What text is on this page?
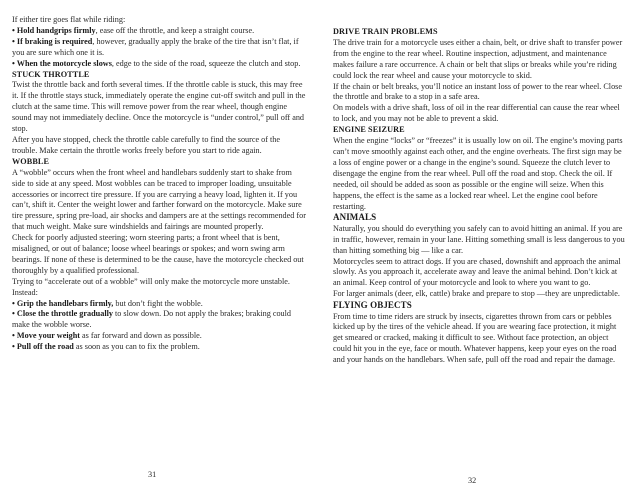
If either tire goes flat while riding:

• Hold handgrips firmly, ease off the throttle, and keep a straight course.

• If braking is required, however, gradually apply the brake of the tire that isn’t flat, if you are sure which one it is.

• When the motorcycle slows, edge to the side of the road, squeeze the clutch and stop.

STUCK THROTTLE

Twist the throttle back and forth several times. If the throttle cable is stuck, this may free it. If the throttle stays stuck, immediately operate the engine cut-off switch and pull in the clutch at the same time. This will remove power from the rear wheel, though engine sound may not immediately decline. Once the motorcycle is “under control,” pull off and stop.

After you have stopped, check the throttle cable carefully to find the source of the trouble. Make certain the throttle works freely before you start to ride again.

WOBBLE

A “wobble” occurs when the front wheel and handlebars suddenly start to shake from side to side at any speed. Most wobbles can be traced to improper loading, unsuitable accessories or incorrect tire pressure. If you are carrying a heavy load, lighten it. If you can’t, shift it. Center the weight lower and farther forward on the motorcycle. Make sure tire pressure, spring pre-load, air shocks and dampers are at the settings recommended for that much weight. Make sure windshields and fairings are mounted properly.

Check for poorly adjusted steering; worn steering parts; a front wheel that is bent, misaligned, or out of balance; loose wheel bearings or spokes; and worn swing arm bearings. If none of these is determined to be the cause, have the motorcycle checked out thoroughly by a qualified professional.

Trying to “accelerate out of a wobble” will only make the motorcycle more unstable. Instead:

• Grip the handlebars firmly, but don’t fight the wobble.

• Close the throttle gradually to slow down. Do not apply the brakes; braking could make the wobble worse.

• Move your weight as far forward and down as possible.

• Pull off the road as soon as you can to fix the problem.

31

DRIVE TRAIN PROBLEMS

The drive train for a motorcycle uses either a chain, belt, or drive shaft to transfer power from the engine to the rear wheel. Routine inspection, adjustment, and maintenance makes failure a rare occurrence. A chain or belt that slips or breaks while you’re riding could lock the rear wheel and cause your motorcycle to skid.

If the chain or belt breaks, you’ll notice an instant loss of power to the rear wheel. Close the throttle and brake to a stop in a safe area.

On models with a drive shaft, loss of oil in the rear differential can cause the rear wheel to lock, and you may not be able to prevent a skid.

ENGINE SEIZURE

When the engine “locks” or “freezes” it is usually low on oil. The engine’s moving parts can’t move smoothly against each other, and the engine overheats. The first sign may be a loss of engine power or a change in the engine’s sound. Squeeze the clutch lever to disengage the engine from the rear wheel. Pull off the road and stop. Check the oil. If needed, oil should be added as soon as possible or the engine will seize. When this happens, the effect is the same as a locked rear wheel. Let the engine cool before restarting.

ANIMALS

Naturally, you should do everything you safely can to avoid hitting an animal. If you are in traffic, however, remain in your lane. Hitting something small is less dangerous to you than hitting something big — like a car.

Motorcycles seem to attract dogs. If you are chased, downshift and approach the animal slowly. As you approach it, accelerate away and leave the animal behind. Don’t kick at an animal. Keep control of your motorcycle and look to where you want to go.

For larger animals (deer, elk, cattle) brake and prepare to stop —they are unpredictable.

FLYING OBJECTS

From time to time riders are struck by insects, cigarettes thrown from cars or pebbles kicked up by the tires of the vehicle ahead. If you are wearing face protection, it might get smeared or cracked, making it difficult to see. Without face protection, an object could hit you in the eye, face or mouth. Whatever happens, keep your eyes on the road and your hands on the handlebars. When safe, pull off the road and repair the damage.

32
